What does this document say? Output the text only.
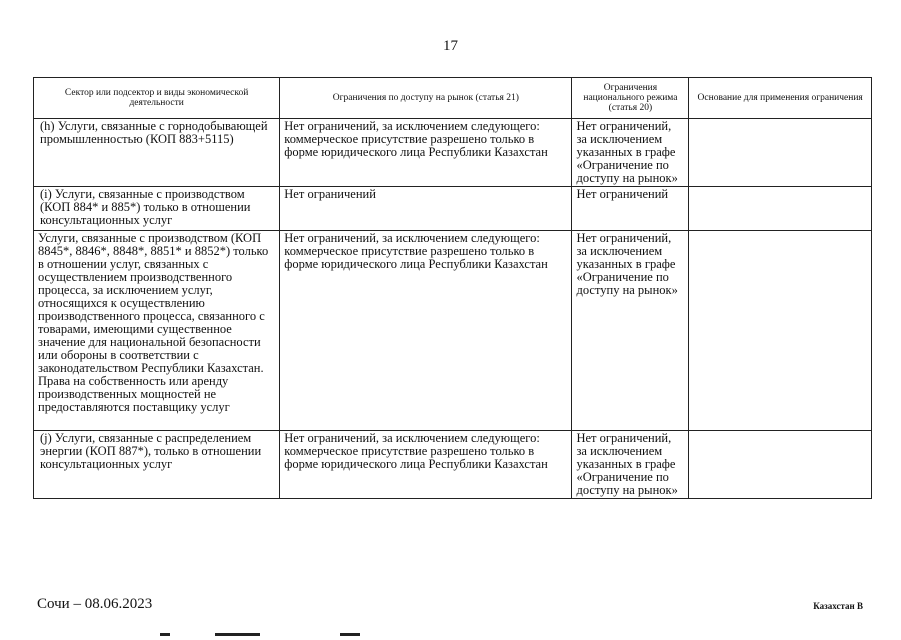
17
Сектор или подсектор и виды экономической деятельности	Ограничения по доступу на рынок (статья 21)	Ограничения национального режима (статья 20)	Основание для применения ограничения
(h) Услуги, связанные с горнодобывающей промышленностью (КОП 883+5115)	Нет ограничений, за исключением следующего: коммерческое присутствие разрешено только в форме юридического лица Республики Казахстан	Нет ограничений, за исключением указанных в графе «Ограничение по доступу на рынок»	
(i) Услуги, связанные с производством (КОП 884* и 885*) только в отношении консультационных услуг	Нет ограничений	Нет ограничений	
Услуги, связанные с производством (КОП 8845*, 8846*, 8848*, 8851* и 8852*) только в отношении услуг, связанных с осуществлением производственного процесса, за исключением услуг, относящихся к осуществлению производственного процесса, связанного с товарами, имеющими существенное значение для национальной безопасности или обороны в соответствии с законодательством Республики Казахстан. Права на собственность или аренду производственных мощностей не предоставляются поставщику услуг	Нет ограничений, за исключением следующего: коммерческое присутствие разрешено только в форме юридического лица Республики Казахстан	Нет ограничений, за исключением указанных в графе «Ограничение по доступу на рынок»	
(j) Услуги, связанные с распределением энергии (КОП 887*), только в отношении консультационных услуг	Нет ограничений, за исключением следующего: коммерческое присутствие разрешено только в форме юридического лица Республики Казахстан	Нет ограничений, за исключением указанных в графе «Ограничение по доступу на рынок»	
Сочи – 08.06.2023	Казахстан B
